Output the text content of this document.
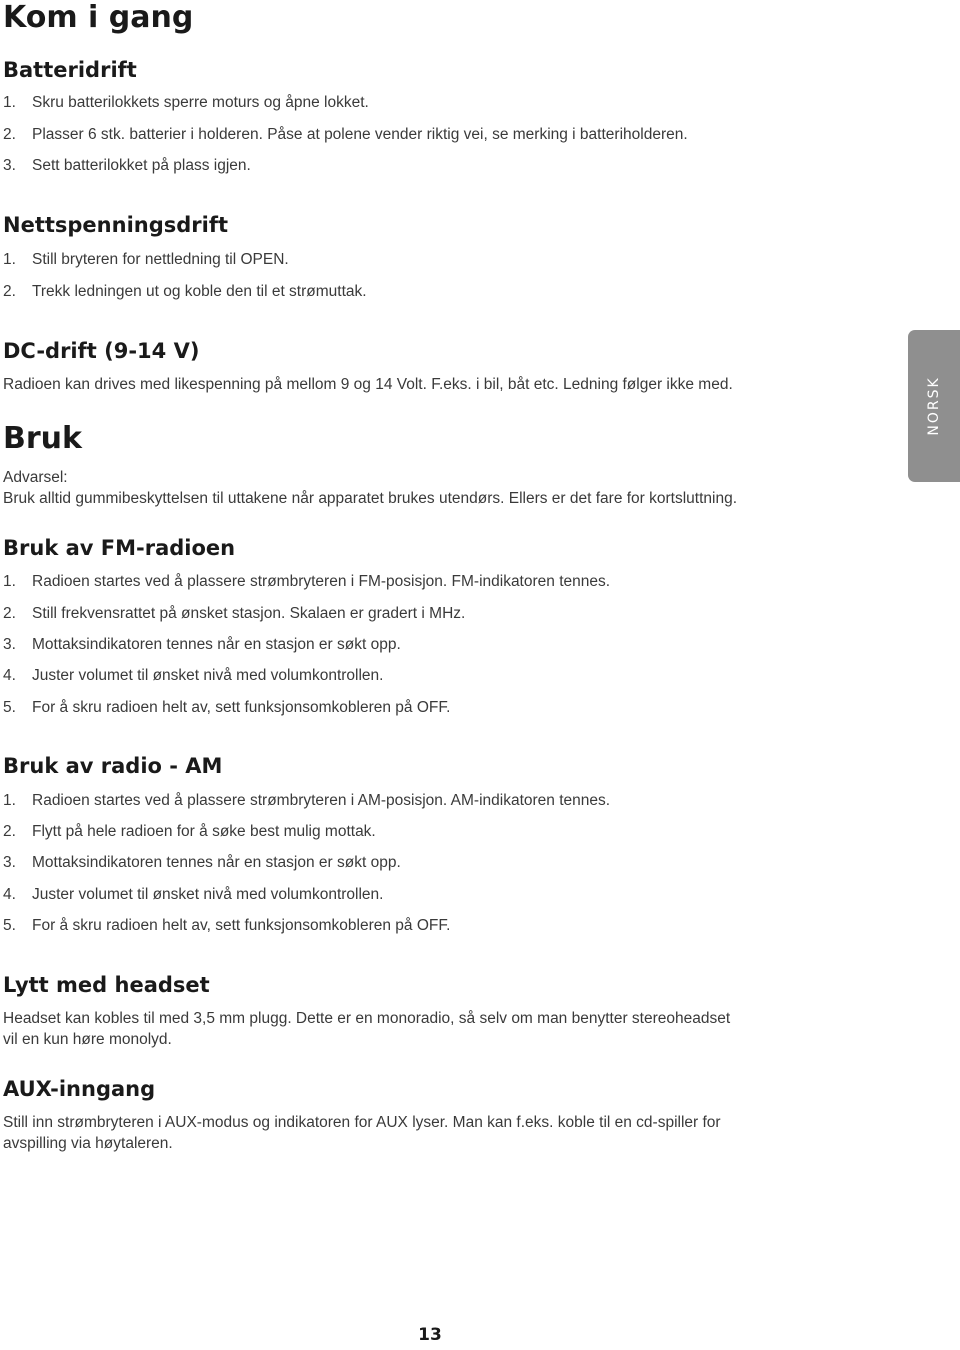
Kom i gang
Batteridrift
1.	Skru batterilokkets sperre moturs og åpne lokket.
2.	Plasser 6 stk. batterier i holderen. Påse at polene vender riktig vei, se merking i batteriholderen.
3.	Sett batterilokket på plass igjen.
Nettspenningsdrift
1.	Still bryteren for nettledning til OPEN.
2.	Trekk ledningen ut og koble den til et strømuttak.
DC-drift (9-14 V)

Radioen kan drives med likespenning på mellom 9 og 14 Volt. F.eks. i bil, båt etc. Ledning følger ikke med.	NORSK
Bruk

Advarsel:

Bruk alltid gummibeskyttelsen til uttakene når apparatet brukes utendørs. Ellers er det fare for kortsluttning.

Bruk av FM-radioen
1.	Radioen startes ved å plassere strømbryteren i FM-posisjon. FM-indikatoren tennes.
2.	Still frekvensrattet på ønsket stasjon. Skalaen er gradert i MHz.
3.	Mottaksindikatoren tennes når en stasjon er søkt opp.
4.	Juster volumet til ønsket nivå med volumkontrollen.
5.	For å skru radioen helt av, sett funksjonsomkobleren på OFF.
Bruk av radio - AM
1.	Radioen startes ved å plassere strømbryteren i AM-posisjon. AM-indikatoren tennes.
2.	Flytt på hele radioen for å søke best mulig mottak.
3.	Mottaksindikatoren tennes når en stasjon er søkt opp.
4.	Juster volumet til ønsket nivå med volumkontrollen.
5.	For å skru radioen helt av, sett funksjonsomkobleren på OFF.
Lytt med headset

Headset kan kobles til med 3,5 mm plugg. Dette er en monoradio, så selv om man benytter stereoheadset

vil en kun høre monolyd.

AUX-inngang

Still inn strømbryteren i AUX-modus og indikatoren for AUX lyser. Man kan f.eks. koble til en cd-spiller for

avspilling via høytaleren.

13
